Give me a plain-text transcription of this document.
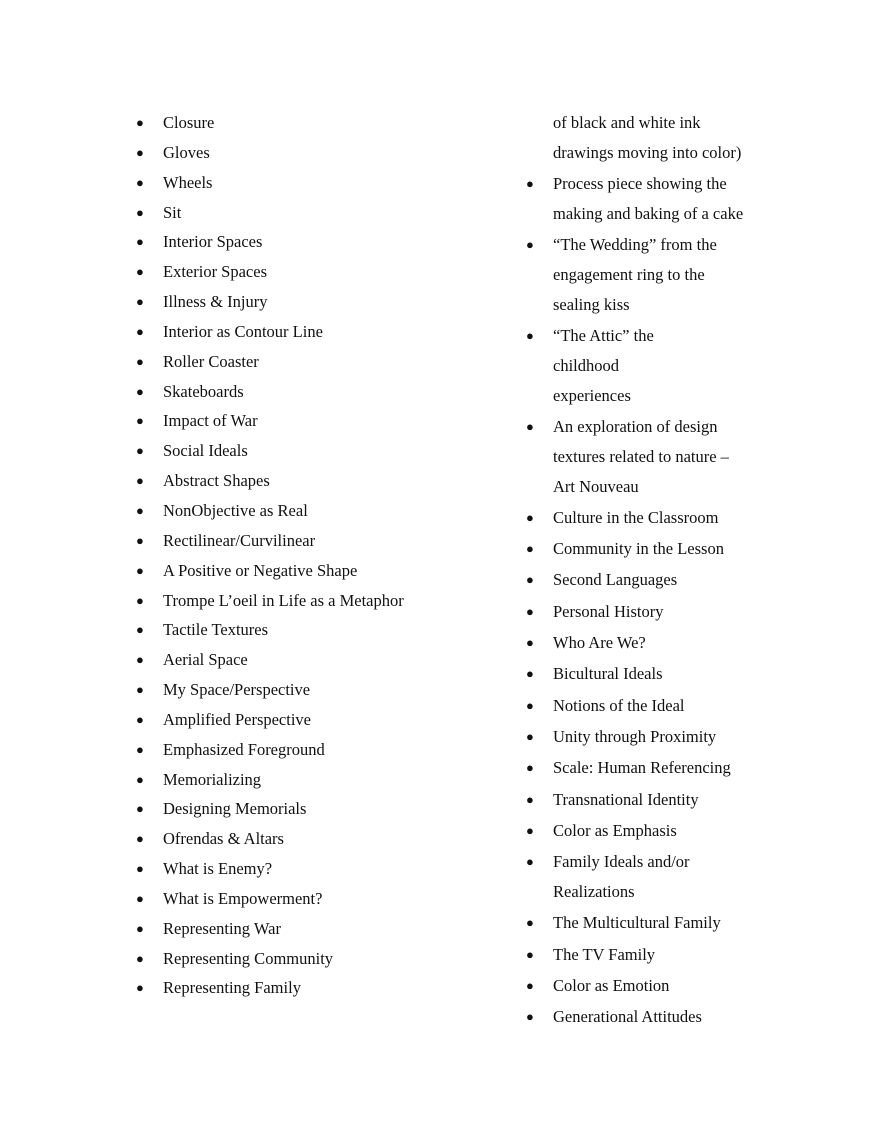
●	Closure
●	Gloves
●	Wheels
●	Sit
●	Interior Spaces
●	Exterior Spaces
●	Illness & Injury
●	Interior as Contour Line
●	Roller Coaster
●	Skateboards
●	Impact of War
●	Social Ideals
●	Abstract Shapes
●	NonObjective as Real
●	Rectilinear/Curvilinear
●	A Positive or Negative Shape
●	Trompe L’oeil in Life as a Metaphor
●	Tactile Textures
●	Aerial Space
●	My Space/Perspective
●	Amplified Perspective
●	Emphasized Foreground
●	Memorializing
●	Designing Memorials
●	Ofrendas & Altars
●	What is Enemy?
●	What is Empowerment?
●	Representing War
●	Representing Community
●	Representing Family
of black and white ink
drawings moving into color)
●	Process piece showing the
making and baking of a cake
●	“The Wedding” from the
engagement ring to the
sealing kiss
●	“The Attic” the
childhood
experiences
●	An exploration of design
textures related to nature –
Art Nouveau
●	Culture in the Classroom
●	Community in the Lesson
●	Second Languages
●	Personal History
●	Who Are We?
●	Bicultural Ideals
●	Notions of the Ideal
●	Unity through Proximity
●	Scale: Human Referencing
●	Transnational Identity
●	Color as Emphasis
●	Family Ideals and/or
Realizations
●	The Multicultural Family
●	The TV Family
●	Color as Emotion
●	Generational Attitudes
